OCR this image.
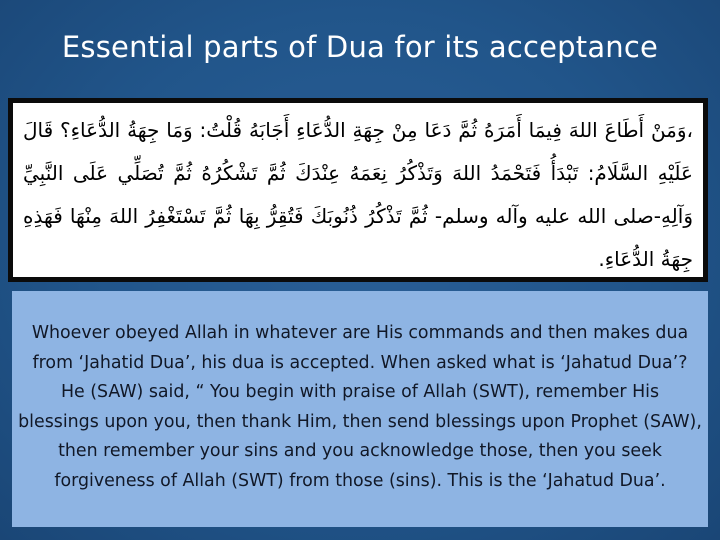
Essential parts of Dua for its acceptance
،وَمَنْ أَطَاعَ اللهَ فِيمَا أَمَرَهُ ثُمَّ دَعَا مِنْ جِهَةِ الدُّعَاءِ أَجَابَهُ قُلْتُ: وَمَا جِهَةُ الدُّعَاءِ؟ قَالَ عَلَيْهِ السَّلَامُ: تَبْدَأُ فَتَحْمَدُ اللهَ وَتَذْكُرُ نِعَمَهُ عِنْدَكَ ثُمَّ تَشْكُرُهُ ثُمَّ تُصَلِّي عَلَى النَّبِيِّ وَآلِهِ-صلى الله عليه وآله وسلم- ثُمَّ تَذْكُرُ ذُنُوبَكَ فَتُقِرُّ بِهَا ثُمَّ تَسْتَغْفِرُ اللهَ مِنْهَا فَهَذِهِ جِهَةُ الدُّعَاءِ.
Whoever obeyed Allah in whatever are His commands and then makes dua from ‘Jahatid Dua’, his dua is accepted. When asked what is ‘Jahatud Dua’? He (SAW) said, “ You begin with praise of Allah (SWT), remember His blessings upon you, then thank Him, then send blessings upon Prophet (SAW), then remember your sins and you acknowledge those, then you seek forgiveness of Allah (SWT) from those (sins). This is the ‘Jahatud Dua’.
